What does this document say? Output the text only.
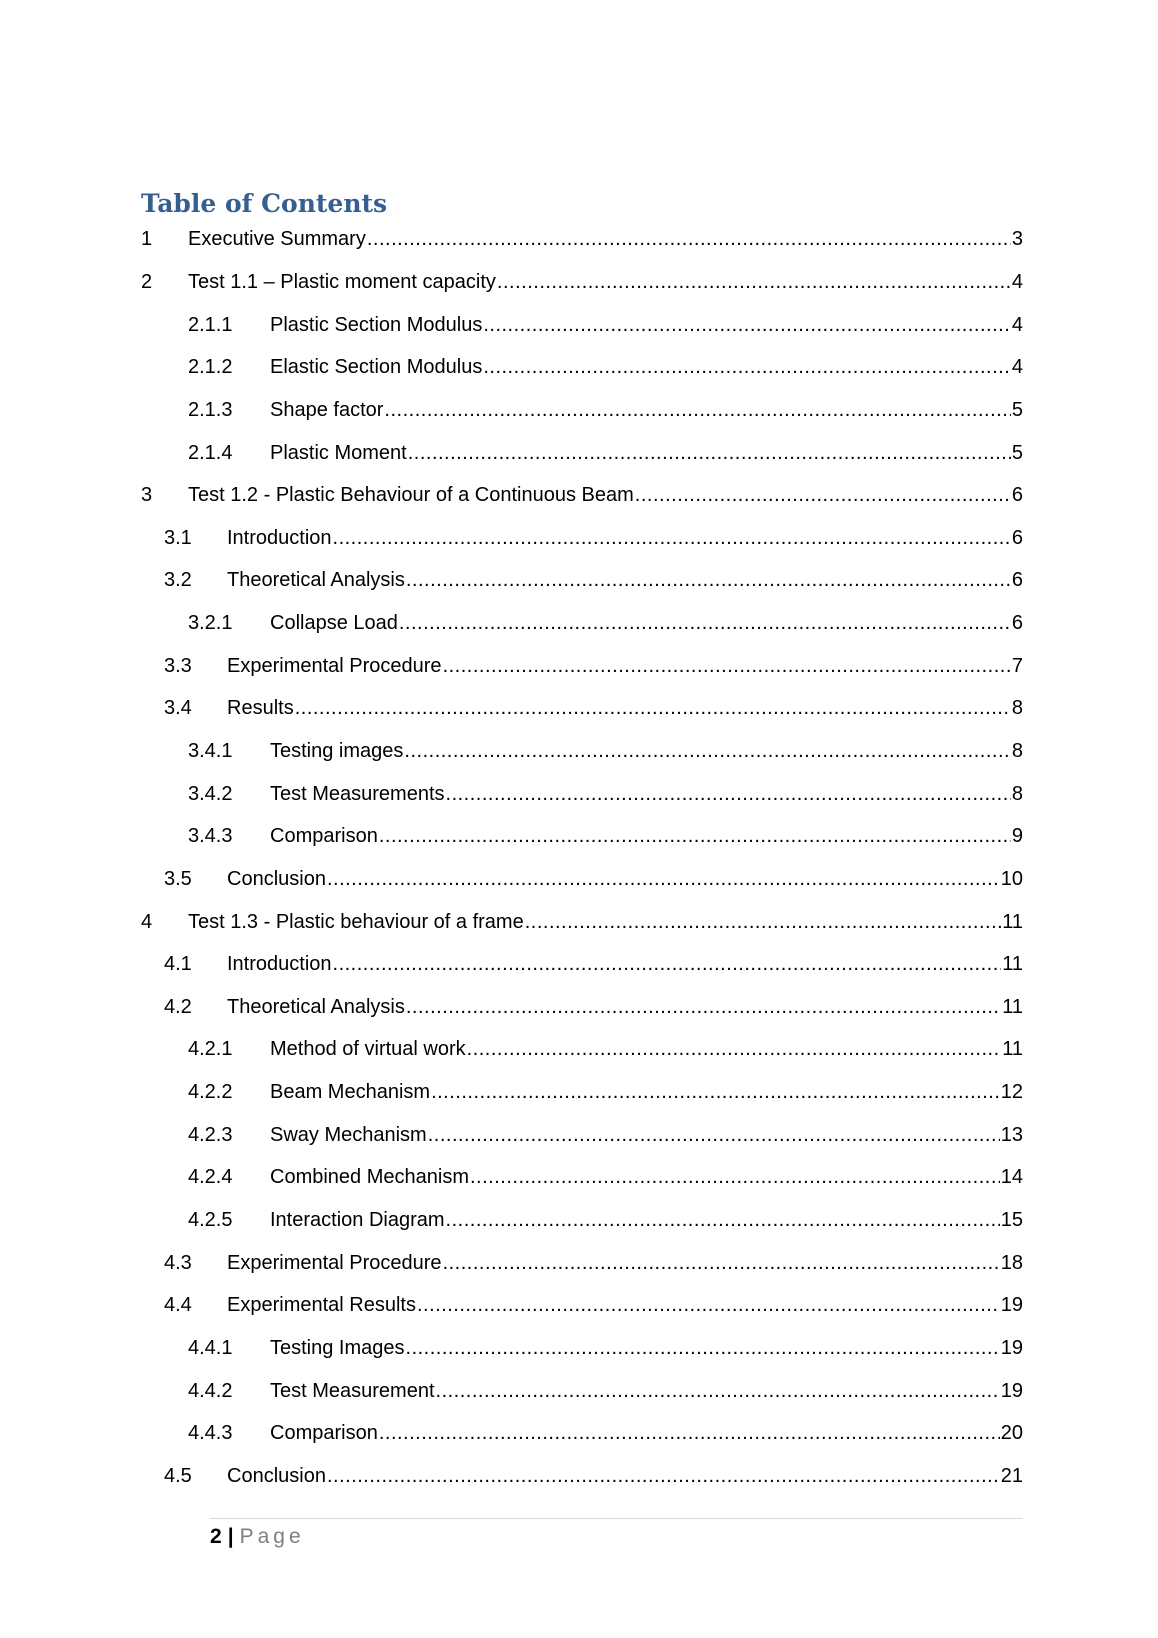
Table of Contents
1 Executive Summary .....	3
2 Test 1.1 – Plastic moment capacity .....	4
2.1.1 Plastic Section Modulus .....	4
2.1.2 Elastic Section Modulus .....	4
2.1.3 Shape factor .....	5
2.1.4 Plastic Moment .....	5
3 Test 1.2 - Plastic Behaviour of a Continuous Beam .....	6
3.1 Introduction .....	6
3.2 Theoretical Analysis .....	6
3.2.1 Collapse Load .....	6
3.3 Experimental Procedure .....	7
3.4 Results .....	8
3.4.1 Testing images .....	8
3.4.2 Test Measurements .....	8
3.4.3 Comparison .....	9
3.5 Conclusion .....	10
4 Test 1.3 - Plastic behaviour of a frame .....	11
4.1 Introduction .....	11
4.2 Theoretical Analysis .....	11
4.2.1 Method of virtual work .....	11
4.2.2 Beam Mechanism .....	12
4.2.3 Sway Mechanism .....	13
4.2.4 Combined Mechanism .....	14
4.2.5 Interaction Diagram .....	15
4.3 Experimental Procedure .....	18
4.4 Experimental Results .....	19
4.4.1 Testing Images .....	19
4.4.2 Test Measurement .....	19
4.4.3 Comparison .....	20
4.5 Conclusion .....	21
2 | Page
